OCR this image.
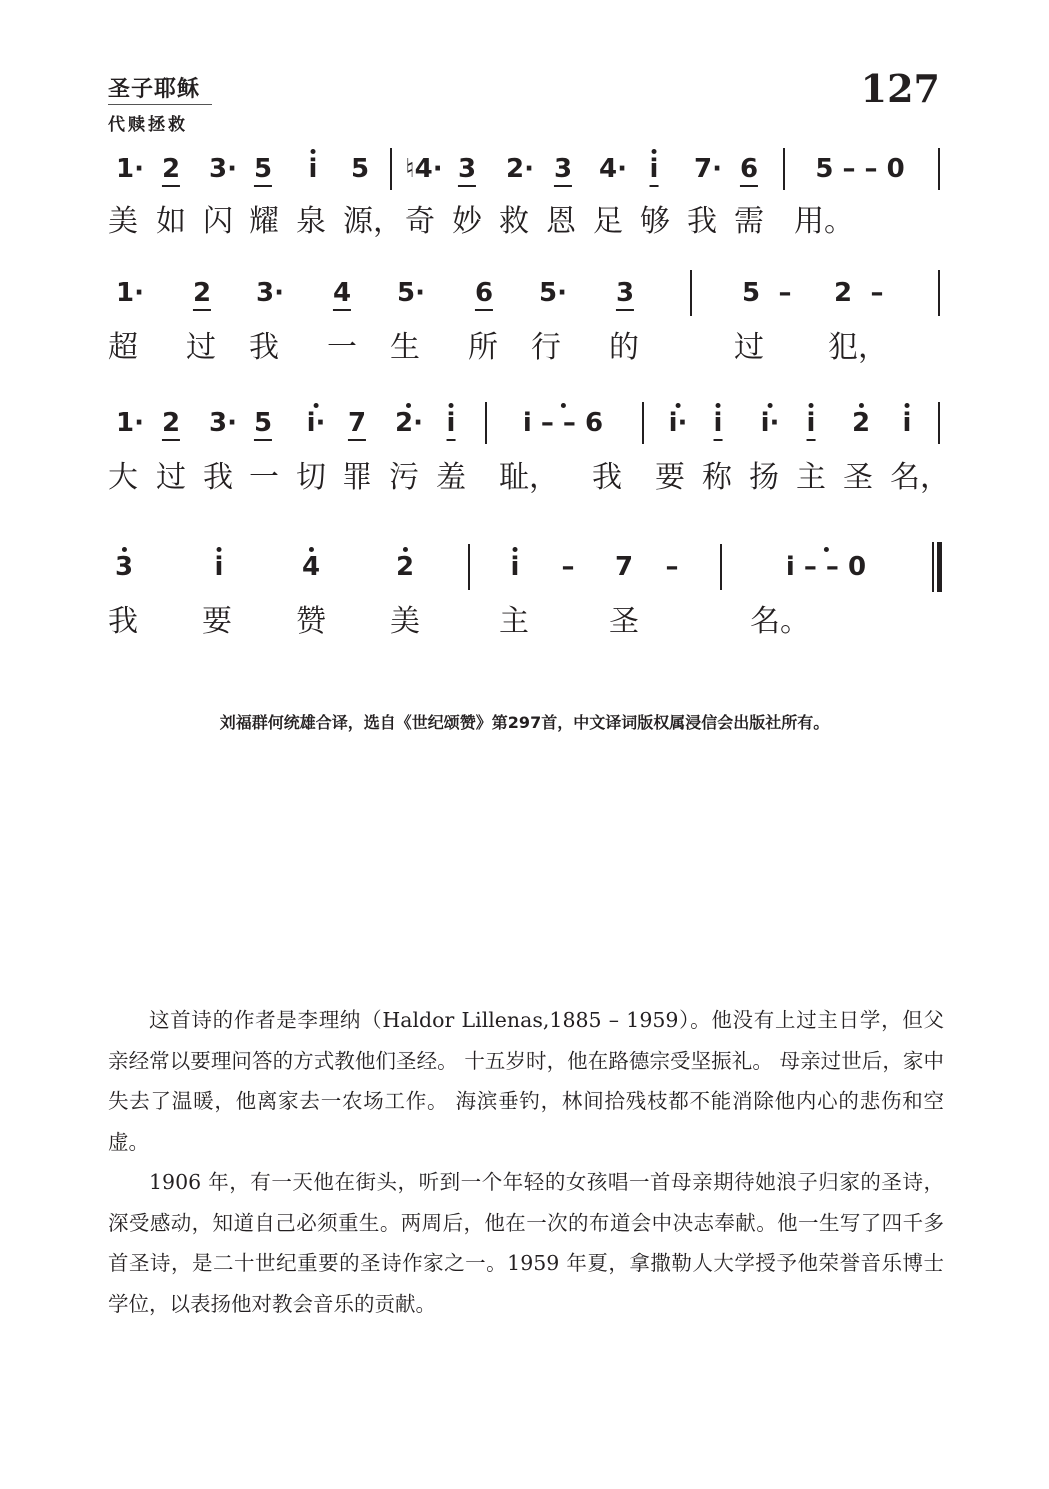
圣子耶稣
代赎拯救
127
1· 2 3· 5 i 5 ♮4· 3 2· 3 4· i 7· 6 5 – – 0
美 如 闪 耀 泉 源， 奇 妙 救 恩 足 够 我 需 用。
1· 2 3· 4 5· 6 5· 3	5 – 2 –
超 过 我 一 生 所 行 的	过 犯，
1· 2 3· 5 i· 7 2· i	i – – 6	i· i i· i 2 i
大 过 我 一 切 罪 污 羞 耻， 我 要 称 扬 主 圣 名，
3	i	4	2	i – 7 –	i – – 0
我 要 赞 美	主	圣	名。
刘福群何统雄合译，选自《世纪颂赞》第297首，中文译词版权属浸信会出版社所有。

这首诗的作者是李理纳（Haldor Lillenas,1885 – 1959）。他没有上过主日学，但父亲经常以要理问答的方式教他们圣经。 十五岁时，他在路德宗受坚振礼。 母亲过世后，家中失去了温暖，他离家去一农场工作。 海滨垂钓，林间拾残枝都不能消除他内心的悲伤和空虚。

1906 年，有一天他在街头，听到一个年轻的女孩唱一首母亲期待她浪子归家的圣诗，深受感动，知道自己必须重生。两周后，他在一次的布道会中决志奉献。他一生写了四千多首圣诗，是二十世纪重要的圣诗作家之一。1959 年夏，拿撒勒人大学授予他荣誉音乐博士学位，以表扬他对教会音乐的贡献。
